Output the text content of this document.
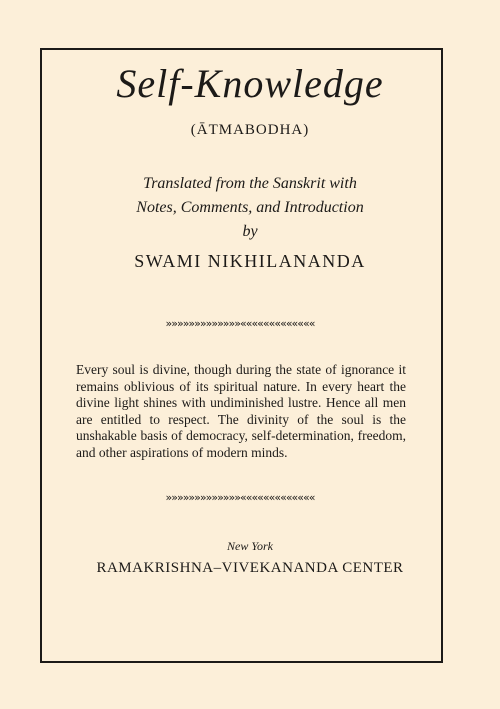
Self-Knowledge
(ĀTMABODHA)
Translated from the Sanskrit with
Notes, Comments, and Introduction
by
SWAMI NIKHILANANDA
»»»»»»»»»»»»»«««««««««««««

Every soul is divine, though during the state of ignorance it remains oblivious of its spiritual nature. In every heart the divine light shines with undiminished lustre. Hence all men are entitled to respect. The divinity of the soul is the unshakable basis of democracy, self-determination, freedom, and other aspirations of modern minds.

»»»»»»»»»»»»»«««««««««««««
New York
RAMAKRISHNA–VIVEKANANDA CENTER
